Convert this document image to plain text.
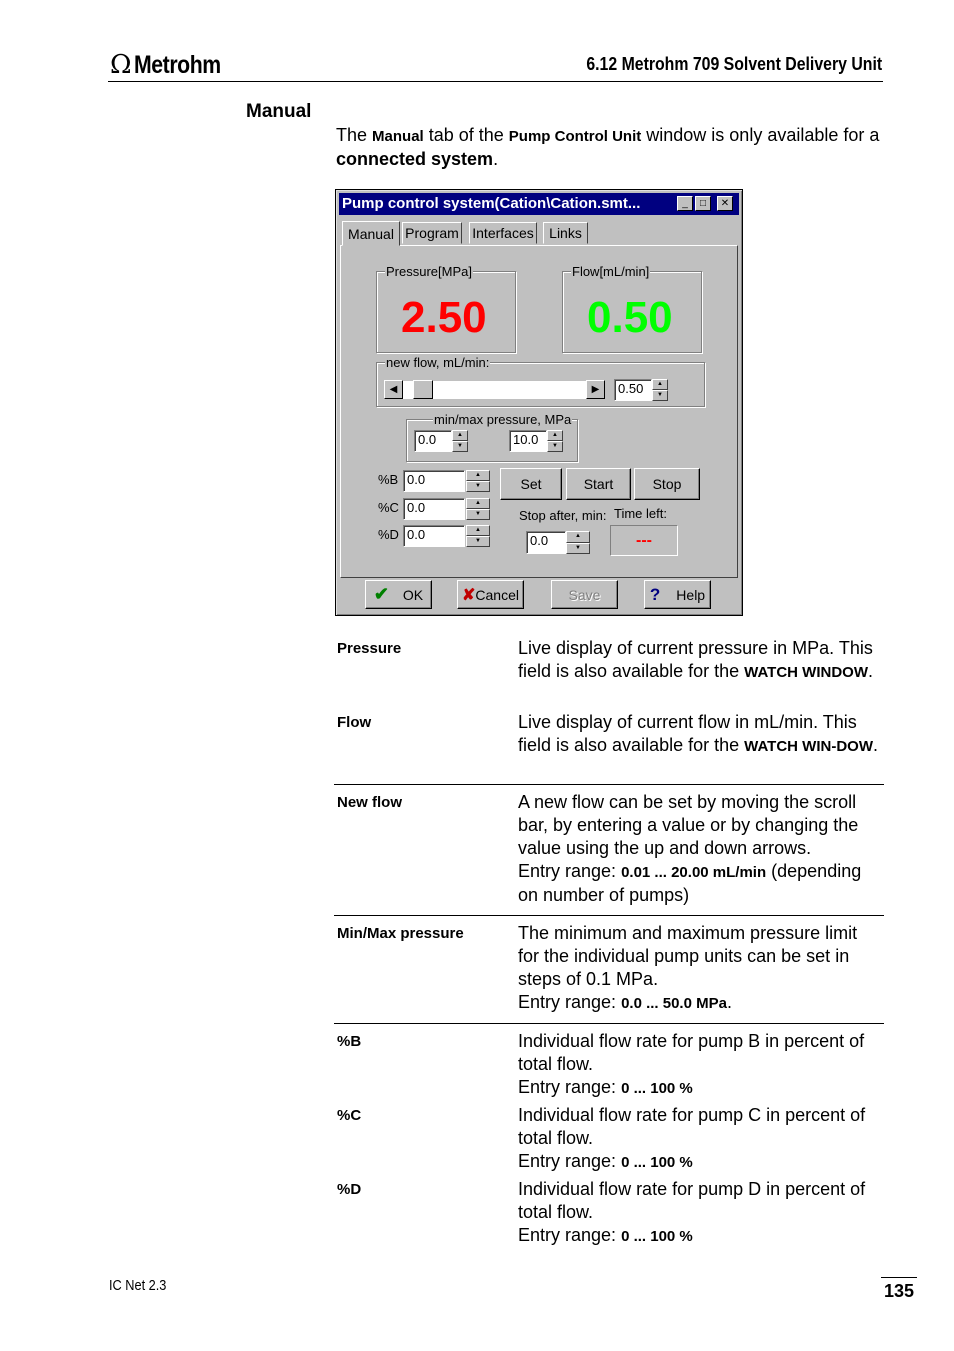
Ω Metrohm	6.12 Metrohm 709 Solvent Delivery Unit
Manual
The Manual tab of the Pump Control Unit window is only available for a connected system.
Pump control system(Cation\Cation.smt...	_	□	✕
Manual Program Interfaces	Links
Pressure[MPa]
2.50
Flow[mL/min]
0.50
new flow, mL/min:
◀	▶	0.50	▲
▼
min/max pressure, MPa
0.0	▲
▼	10.0	▲
▼
%B 0.0	▲
▼
%C 0.0	▲
▼
%D 0.0	▲
▼
Set	Start	Stop
Stop after, min: Time left:
0.0	▲
▼	---
✔ OK ✘ Cancel	Save	? Help
Pressure	Live display of current pressure in MPa. This field is also available for the WATCH WINDOW.
Flow	Live display of current flow in mL/min. This field is also available for the WATCH WIN-DOW.
New flow	A new flow can be set by moving the scroll bar, by entering a value or by changing the value using the up and down arrows.
Entry range: 0.01 ... 20.00 mL/min (depending on number of pumps)
Min/Max pressure	The minimum and maximum pressure limit for the individual pump units can be set in steps of 0.1 MPa.
Entry range: 0.0 ... 50.0 MPa.
%B	Individual flow rate for pump B in percent of total flow.
Entry range: 0 ... 100 %
%C	Individual flow rate for pump C in percent of total flow.
Entry range: 0 ... 100 %
%D	Individual flow rate for pump D in percent of total flow.
Entry range: 0 ... 100 %
IC Net 2.3	135
